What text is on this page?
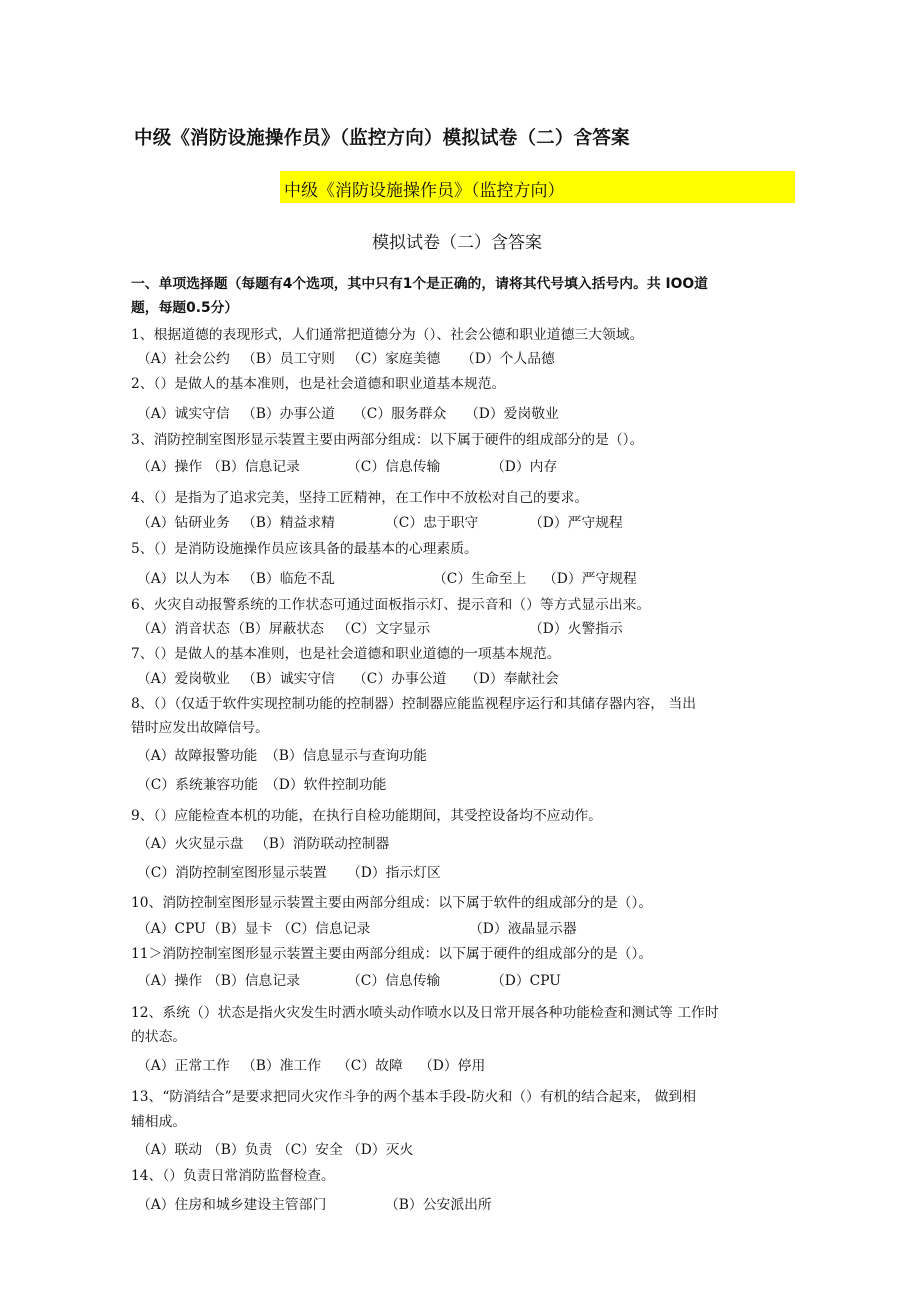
中级《消防设施操作员》（监控方向）模拟试卷（二）含答案
中级《消防设施操作员》（监控方向）
模拟试卷（二）含答案
一、单项选择题（每题有4个选项，其中只有1个是正确的，请将其代号填入括号内。共 IOO道
题，每题0.5分）
1、根据道德的表现形式，人们通常把道德分为（）、社会公德和职业道德三大领域。
（A）社会公约 （B）员工守则 （C）家庭美德 （D）个人品德
2、（）是做人的基本准则，也是社会道德和职业道基本规范。
（A）诚实守信 （B）办事公道 （C）服务群众 （D）爱岗敬业
3、消防控制室图形显示装置主要由两部分组成：以下属于硬件的组成部分的是（）。
（A）操作 （B）信息记录	（C）信息传输	（D）内存
4、（）是指为了追求完美，坚持工匠精神，在工作中不放松对自己的要求。
（A）钻研业务 （B）精益求精	（C）忠于职守	（D）严守规程
5、（）是消防设施操作员应该具备的最基本的心理素质。
（A）以人为本 （B）临危不乱	（C）生命至上 （D）严守规程
6、火灾自动报警系统的工作状态可通过面板指示灯、提示音和（）等方式显示出来。
（A）消音状态 （B）屏蔽状态 （C）文字显示	（D）火警指示
7、（）是做人的基本准则，也是社会道德和职业道德的一项基本规范。
（A）爱岗敬业 （B）诚实守信 （C）办事公道 （D）奉献社会
8、（）（仅适于软件实现控制功能的控制器）控制器应能监视程序运行和其储存器内容， 当出
错时应发出故障信号。
（A）故障报警功能 （B）信息显示与查询功能
（C）系统兼容功能 （D）软件控制功能
9、（）应能检查本机的功能，在执行自检功能期间，其受控设备均不应动作。
（A）火灾显示盘 （B）消防联动控制器
（C）消防控制室图形显示装置 （D）指示灯区
10、消防控制室图形显示装置主要由两部分组成：以下属于软件的组成部分的是（）。
（A）CPU （B）显卡 （C）信息记录	（D）液晶显示器
11＞消防控制室图形显示装置主要由两部分组成：以下属于硬件的组成部分的是（）。
（A）操作 （B）信息记录	（C）信息传输	（D）CPU
12、系统（）状态是指火灾发生时洒水喷头动作喷水以及日常开展各种功能检查和测试等 工作时
的状态。
（A）正常工作 （B）准工作 （C）故障 （D）停用
13、“防消结合”是要求把同火灾作斗争的两个基本手段-防火和（）有机的结合起来， 做到相
辅相成。
（A）联动 （B）负责 （C）安全 （D）灭火
14、（）负责日常消防监督检查。
（A）住房和城乡建设主管部门	（B）公安派出所
